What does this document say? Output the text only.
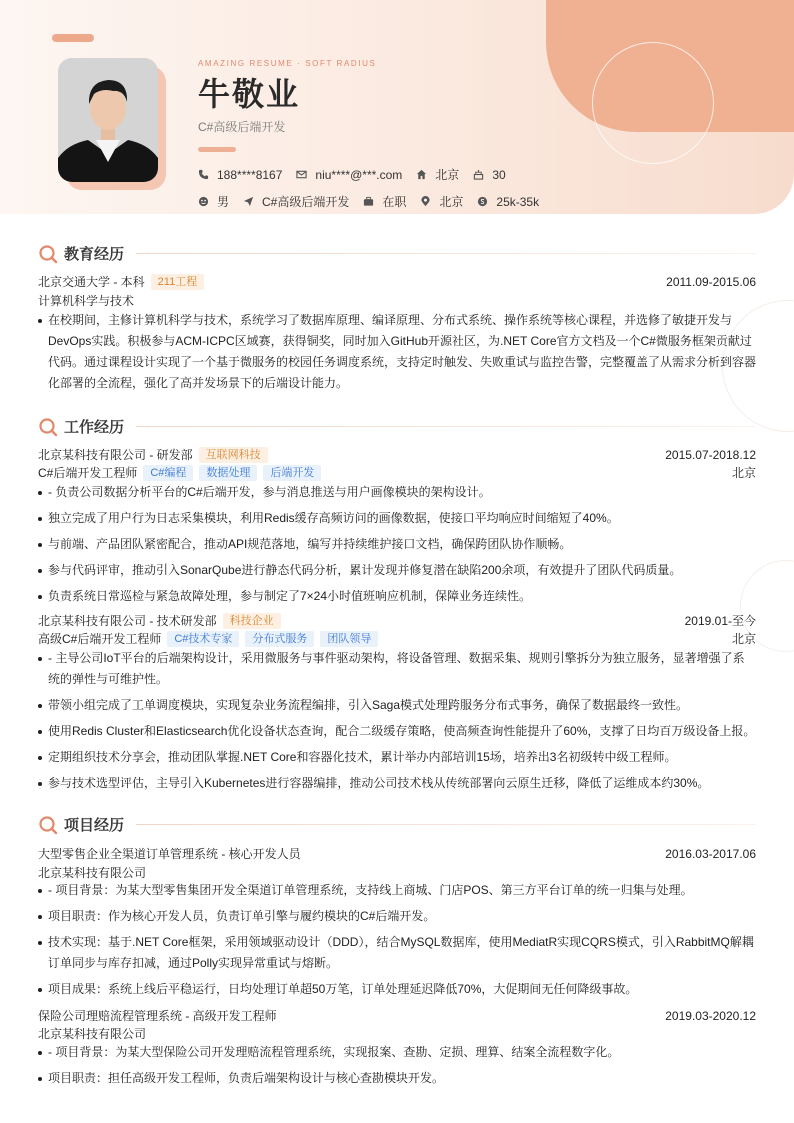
AMAZING RESUME · SOFT RADIUS
牛敬业
C#高级后端开发
188****8167	niu****@***.com	北京	30
男	C#高级后端开发	在职	北京	25k-35k
教育经历
北京交通大学 - 本科	211工程	2011.09-2015.06
计算机科学与技术
在校期间，主修计算机科学与技术，系统学习了数据库原理、编译原理、分布式系统、操作系统等核心课程，并选修了敏捷开发与DevOps实践。积极参与ACM-ICPC区域赛，获得铜奖，同时加入GitHub开源社区，为.NET Core官方文档及一个C#微服务框架贡献过代码。通过课程设计实现了一个基于微服务的校园任务调度系统，支持定时触发、失败重试与监控告警，完整覆盖了从需求分析到容器化部署的全流程，强化了高并发场景下的后端设计能力。
工作经历
北京某科技有限公司 - 研发部	互联网科技	2015.07-2018.12
C#后端开发工程师	C#编程	数据处理	后端开发	北京
- 负责公司数据分析平台的C#后端开发，参与消息推送与用户画像模块的架构设计。
独立完成了用户行为日志采集模块，利用Redis缓存高频访问的画像数据，使接口平均响应时间缩短了40%。
与前端、产品团队紧密配合，推动API规范落地，编写并持续维护接口文档，确保跨团队协作顺畅。
参与代码评审，推动引入SonarQube进行静态代码分析，累计发现并修复潜在缺陷200余项，有效提升了团队代码质量。
负责系统日常巡检与紧急故障处理，参与制定了7×24小时值班响应机制，保障业务连续性。
北京某科技有限公司 - 技术研发部	科技企业	2019.01-至今
高级C#后端开发工程师	C#技术专家	分布式服务	团队领导	北京
- 主导公司IoT平台的后端架构设计，采用微服务与事件驱动架构，将设备管理、数据采集、规则引擎拆分为独立服务，显著增强了系统的弹性与可维护性。
带领小组完成了工单调度模块，实现复杂业务流程编排，引入Saga模式处理跨服务分布式事务，确保了数据最终一致性。
使用Redis Cluster和Elasticsearch优化设备状态查询，配合二级缓存策略，使高频查询性能提升了60%，支撑了日均百万级设备上报。
定期组织技术分享会，推动团队掌握.NET Core和容器化技术，累计举办内部培训15场，培养出3名初级转中级工程师。
参与技术选型评估，主导引入Kubernetes进行容器编排，推动公司技术栈从传统部署向云原生迁移，降低了运维成本约30%。
项目经历
大型零售企业全渠道订单管理系统 - 核心开发人员	2016.03-2017.06
北京某科技有限公司
- 项目背景：为某大型零售集团开发全渠道订单管理系统，支持线上商城、门店POS、第三方平台订单的统一归集与处理。
项目职责：作为核心开发人员，负责订单引擎与履约模块的C#后端开发。
技术实现：基于.NET Core框架，采用领域驱动设计（DDD），结合MySQL数据库，使用MediatR实现CQRS模式，引入RabbitMQ解耦订单同步与库存扣减，通过Polly实现异常重试与熔断。
项目成果：系统上线后平稳运行，日均处理订单超50万笔，订单处理延迟降低70%，大促期间无任何降级事故。
保险公司理赔流程管理系统 - 高级开发工程师	2019.03-2020.12
北京某科技有限公司
- 项目背景：为某大型保险公司开发理赔流程管理系统，实现报案、查勘、定损、理算、结案全流程数字化。
项目职责：担任高级开发工程师，负责后端架构设计与核心查勘模块开发。
